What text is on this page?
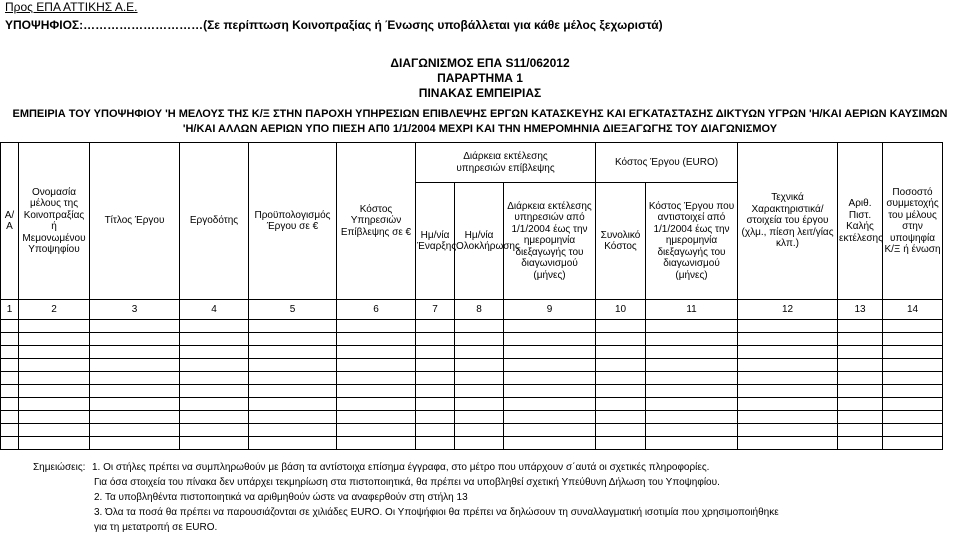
Προς ΕΠΑ ΑΤΤΙΚΗΣ Α.Ε.
ΥΠΟΨΗΦΙΟΣ:…………………………(Σε περίπτωση Κοινοπραξίας ή Ένωσης υποβάλλεται για κάθε μέλος ξεχωριστά)
ΔΙΑΓΩΝΙΣΜΟΣ ΕΠΑ S11/062012
ΠΑΡΑΡΤΗΜΑ 1
ΠΙΝΑΚΑΣ ΕΜΠΕΙΡΙΑΣ
ΕΜΠΕΙΡΙΑ ΤΟΥ ΥΠΟΨΗΦΙΟΥ 'Η ΜΕΛΟΥΣ ΤΗΣ Κ/Ξ ΣΤΗΝ ΠΑΡΟΧΗ ΥΠΗΡΕΣΙΩΝ ΕΠΙΒΛΕΨΗΣ ΕΡΓΩΝ ΚΑΤΑΣΚΕΥΗΣ ΚΑΙ ΕΓΚΑΤΑΣΤΑΣΗΣ ΔΙΚΤΥΩΝ ΥΓΡΩΝ 'Η/ΚΑΙ ΑΕΡΙΩΝ ΚΑΥΣΙΜΩΝ
'Η/ΚΑΙ ΑΛΛΩΝ ΑΕΡΙΩΝ ΥΠΟ ΠΙΕΣΗ ΑΠ0 1/1/2004 ΜΕΧΡΙ ΚΑΙ ΤΗΝ ΗΜΕΡΟΜΗΝΙΑ ΔΙΕΞΑΓΩΓΗΣ ΤΟΥ ΔΙΑΓΩΝΙΣΜΟΥ
Α/Α	Ονομασία μέλους της Κοινοπραξίας ή Μεμονωμένου Υποψηφίου	Τίτλος Έργου	Εργοδότης	Προϋπολογισμός Έργου σε €	Κόστος Υπηρεσιών Επίβλεψης σε €	Διάρκεια εκτέλεσης υπηρεσιών επίβλεψης			Κόστος Έργου (EURO)		Τεχνικά Χαρακτηριστικά/στοιχεία του έργου (χλμ., πίεση λειτ/γίας κλπ.)	Αριθ. Πιστ. Καλής εκτέλεσης	Ποσοστό συμμετοχής του μέλους στην υποψηφία Κ/Ξ ή ένωση
						Ημ/νία Έναρξης	Ημ/νία Ολοκλήρωσης	Διάρκεια εκτέλεσης υπηρεσιών από 1/1/2004 έως την ημερομηνία διεξαγωγής του διαγωνισμού (μήνες)	Συνολικό Κόστος	Κόστος Έργου που αντιστοιχεί από 1/1/2004 έως την ημερομηνία διεξαγωγής του διαγωνισμού (μήνες)			
1	2	3	4	5	6	7	8	9	10	11	12	13	14

Σημειώσεις: 1. Οι στήλες πρέπει να συμπληρωθούν με βάση τα αντίστοιχα επίσημα έγγραφα, στο μέτρο που υπάρχουν σ΄αυτά οι σχετικές πληροφορίες.
Για όσα στοιχεία του πίνακα δεν υπάρχει τεκμηρίωση στα πιστοποιητικά, θα πρέπει να υποβληθεί σχετική Υπεύθυνη Δήλωση του Υποψηφίου.
2. Τα υποβληθέντα πιστοποιητικά να αριθμηθούν ώστε να αναφερθούν στη στήλη 13
3. Όλα τα ποσά θα πρέπει να παρουσιάζονται σε χιλιάδες EURO. Οι Υποψήφιοι θα πρέπει να δηλώσουν τη συναλλαγματική ισοτιμία που χρησιμοποιήθηκε
για τη μετατροπή σε EURO.
